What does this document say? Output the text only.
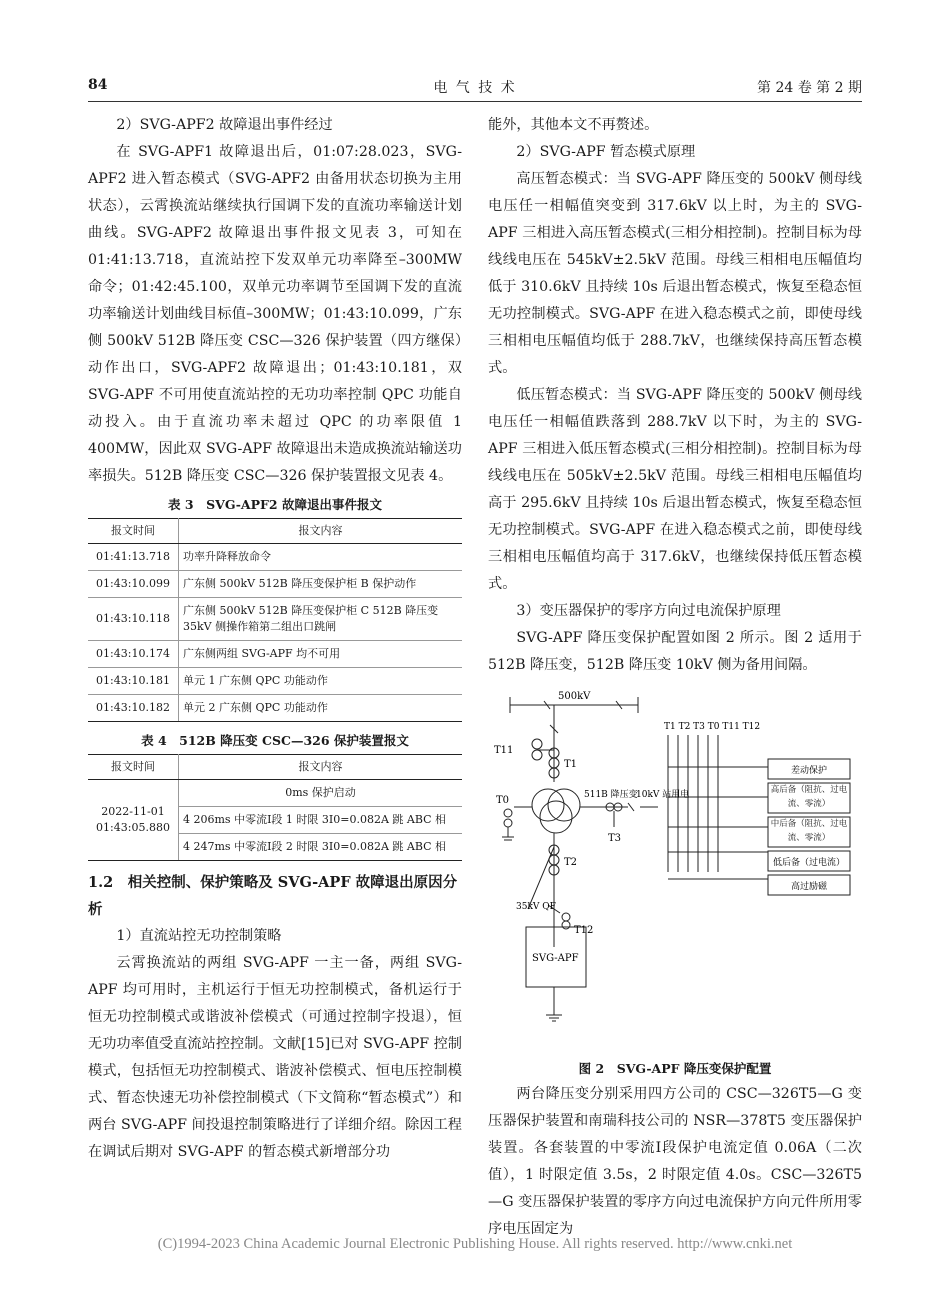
84	电 气 技 术	第 24 卷 第 2 期

2）SVG-APF2 故障退出事件经过

在 SVG-APF1 故障退出后，01:07:28.023，SVG-APF2 进入暂态模式（SVG-APF2 由备用状态切换为主用状态），云霄换流站继续执行国调下发的直流功率输送计划曲线。SVG-APF2 故障退出事件报文见表 3，可知在 01:41:13.718，直流站控下发双单元功率降至–300MW 命令；01:42:45.100，双单元功率调节至国调下发的直流功率输送计划曲线目标值–300MW；01:43:10.099，广东侧 500kV 512B 降压变 CSC—326 保护装置（四方继保）动作出口，SVG-APF2 故障退出；01:43:10.181，双 SVG-APF 不可用使直流站控的无功功率控制 QPC 功能自动投入。由于直流功率未超过 QPC 的功率限值 1 400MW，因此双 SVG-APF 故障退出未造成换流站输送功率损失。512B 降压变 CSC—326 保护装置报文见表 4。

表 3　SVG-APF2 故障退出事件报文
报文时间	报文内容
01:41:13.718	功率升降释放命令
01:43:10.099	广东侧 500kV 512B 降压变保护柜 B 保护动作
01:43:10.118	广东侧 500kV 512B 降压变保护柜 C 512B 降压变 35kV 侧操作箱第二组出口跳闸
01:43:10.174	广东侧两组 SVG-APF 均不可用
01:43:10.181	单元 1 广东侧 QPC 功能动作
01:43:10.182	单元 2 广东侧 QPC 功能动作
表 4　512B 降压变 CSC—326 保护装置报文
报文时间	报文内容
2022-11-01 01:43:05.880	0ms 保护启动
	4 206ms 中零流Ⅰ段 1 时限 3I0=0.082A 跳 ABC 相
	4 247ms 中零流Ⅰ段 2 时限 3I0=0.082A 跳 ABC 相
1.2　相关控制、保护策略及 SVG-APF 故障退出原因分析

1）直流站控无功控制策略

云霄换流站的两组 SVG-APF 一主一备，两组 SVG-APF 均可用时，主机运行于恒无功控制模式，备机运行于恒无功控制模式或谐波补偿模式（可通过控制字投退），恒无功功率值受直流站控控制。文献[15]已对 SVG-APF 控制模式，包括恒无功控制模式、谐波补偿模式、恒电压控制模式、暂态快速无功补偿控制模式（下文简称“暂态模式”）和两台 SVG-APF 间投退控制策略进行了详细介绍。除因工程在调试后期对 SVG-APF 的暂态模式新增部分功

能外，其他本文不再赘述。

2）SVG-APF 暂态模式原理

高压暂态模式：当 SVG-APF 降压变的 500kV 侧母线电压任一相幅值突变到 317.6kV 以上时，为主的 SVG-APF 三相进入高压暂态模式(三相分相控制)。控制目标为母线线电压在 545kV±2.5kV 范围。母线三相相电压幅值均低于 310.6kV 且持续 10s 后退出暂态模式，恢复至稳态恒无功控制模式。SVG-APF 在进入稳态模式之前，即使母线三相相电压幅值均低于 288.7kV，也继续保持高压暂态模式。

低压暂态模式：当 SVG-APF 降压变的 500kV 侧母线电压任一相幅值跌落到 288.7kV 以下时，为主的 SVG-APF 三相进入低压暂态模式(三相分相控制)。控制目标为母线线电压在 505kV±2.5kV 范围。母线三相相电压幅值均高于 295.6kV 且持续 10s 后退出暂态模式，恢复至稳态恒无功控制模式。SVG-APF 在进入稳态模式之前，即使母线三相相电压幅值均高于 317.6kV，也继续保持低压暂态模式。

3）变压器保护的零序方向过电流保护原理

SVG-APF 降压变保护配置如图 2 所示。图 2 适用于 512B 降压变，512B 降压变 10kV 侧为备用间隔。

500kV
T11
T1
T0
T2
T12
T3
T1 T2 T3 T0 T11 T12
511B 降压变
10kV 站用电
35kV QF
SVG-APF
差动保护
高后备（阻抗、过电流、零流）
中后备（阻抗、过电流、零流）
低后备（过电流）
高过励磁
图 2　SVG-APF 降压变保护配置

两台降压变分别采用四方公司的 CSC—326T5—G 变压器保护装置和南瑞科技公司的 NSR—378T5 变压器保护装置。各套装置的中零流Ⅰ段保护电流定值 0.06A（二次值），1 时限定值 3.5s，2 时限定值 4.0s。CSC—326T5—G 变压器保护装置的零序方向过电流保护方向元件所用零序电压固定为

(C)1994-2023 China Academic Journal Electronic Publishing House. All rights reserved. http://www.cnki.net
